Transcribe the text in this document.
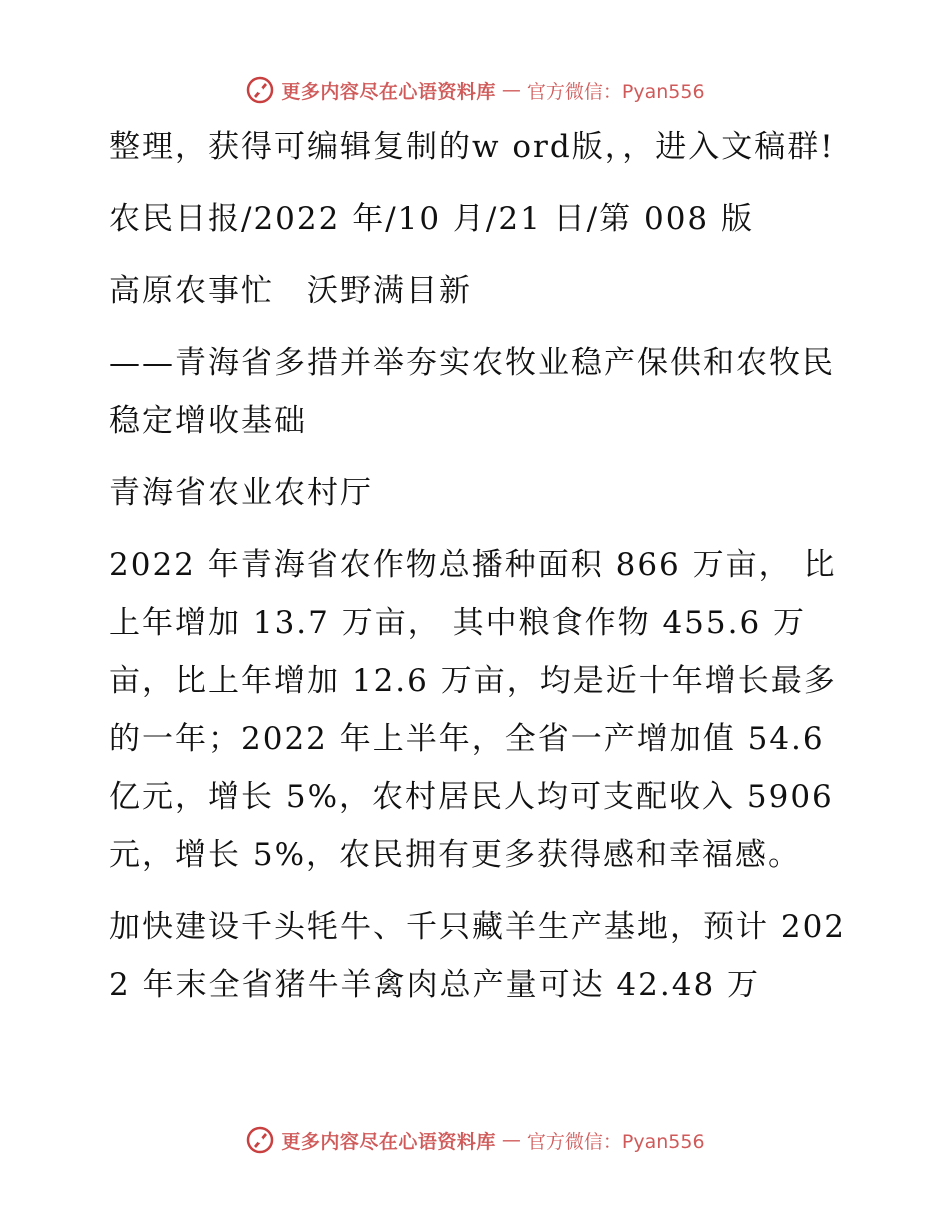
更多内容尽在心语资料库 — 官方微信：Pyan556

整理，获得可编辑复制的w ord版，，进入文稿群!

农民日报/2022 年/10 月/21 日/第 008 版

高原农事忙　沃野满目新

——青海省多措并举夯实农牧业稳产保供和农牧民稳定增收基础

青海省农业农村厅

2022 年青海省农作物总播种面积 866 万亩， 比上年增加 13.7 万亩， 其中粮食作物 455.6 万亩，比上年增加 12.6 万亩，均是近十年增长最多的一年；2022 年上半年，全省一产增加值 54.6 亿元，增长 5%，农村居民人均可支配收入 5906 元，增长 5%，农民拥有更多获得感和幸福感。

加快建设千头牦牛、千只藏羊生产基地，预计 2022 年末全省猪牛羊禽肉总产量可达 42.48 万

更多内容尽在心语资料库 — 官方微信：Pyan556
